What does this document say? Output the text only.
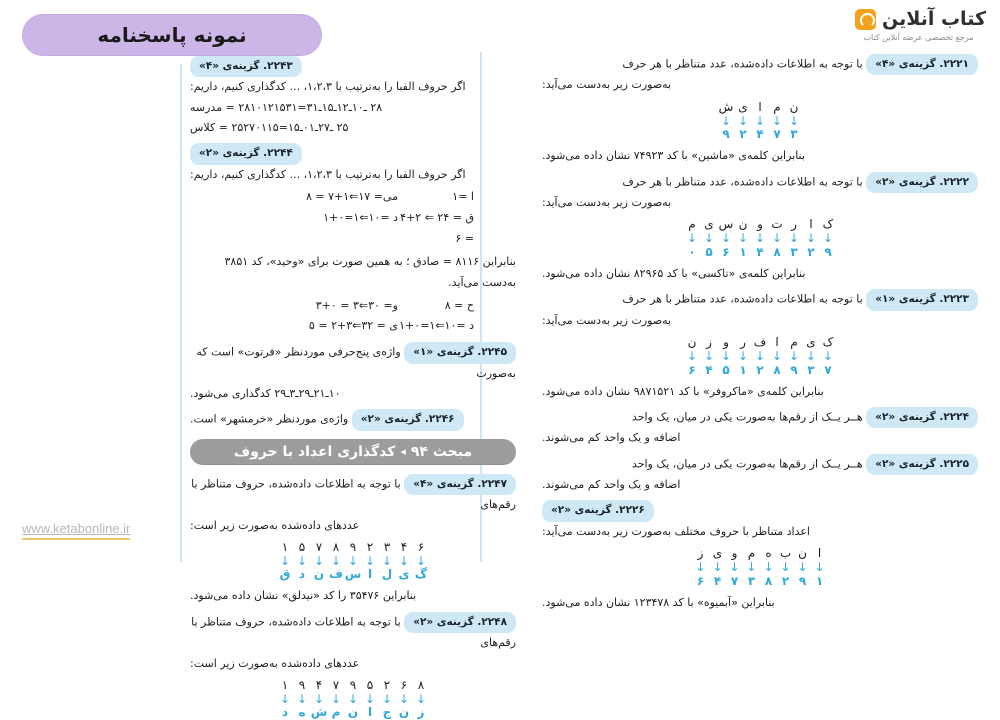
کتاب آنلاین
مرجع تخصصی عرضه آنلاین کتاب
نمونه پاسخنامه
۲۲۲۱. گزینه‌ی «۴» با توجه به اطلاعات داده‌شده، عدد متناظر با هر حرف
به‌صورت زیر به‌دست می‌آید:
ن
م
ا
ی
ش
↓
↓
↓
↓
↓
۳
۷
۴
۲
۹
بنابراین کلمه‌ی «ماشین» با کد ۷۴۹۲۳ نشان داده می‌شود.
۲۲۲۲. گزینه‌ی «۲» با توجه به اطلاعات داده‌شده، عدد متناظر با هر حرف
به‌صورت زیر به‌دست می‌آید:
ک
ا
ر
ت
و
ن
س
ی
م
↓
↓
↓
↓
↓
↓
↓
↓
↓
۹
۲
۳
۸
۴
۱
۶
۵
۰
بنابراین کلمه‌ی «تاکسی» با کد ۸۲۹۶۵ نشان داده می‌شود.
۲۲۲۳. گزینه‌ی «۱» با توجه به اطلاعات داده‌شده، عدد متناظر با هر حرف
به‌صورت زیر به‌دست می‌آید:
ک
ی
م
ا
ف
ر
و
ز
ن
↓
↓
↓
↓
↓
↓
↓
↓
↓
۷
۳
۹
۸
۲
۱
۵
۴
۶
بنابراین کلمه‌ی «ماکروفر» با کد ۹۸۷۱۵۲۱ نشان داده می‌شود.
۲۲۲۴. گزینه‌ی «۲» هــر یــک از رقم‌ها به‌صورت یکی در میان، یک واحد
اضافه و یک واحد کم می‌شوند.
۲۲۲۵. گزینه‌ی «۲» هــر یــک از رقم‌ها به‌صورت یکی در میان، یک واحد
اضافه و یک واحد کم می‌شوند.
۲۲۲۶. گزینه‌ی «۲»
اعداد متناظر با حروف مختلف به‌صورت زیر به‌دست می‌آید:
ا
ن
ب
ه
م
و
ی
ز
↓
↓
↓
↓
↓
↓
↓
↓
۱
۹
۲
۸
۳
۷
۴
۶
بنابراین «آبمیوه» با کد ۱۲۳۴۷۸ نشان داده می‌شود.
۲۲۴۳. گزینه‌ی «۴»
اگر حروف الفبا را به‌ترتیب با ۱،۲،۳، ... کدگذاری کنیم، داریم:
۲۸ ـ۱۰ـ۱۲ـ۱۵ـ۳۱=۲۸۱۰۱۲۱۵۳۱ = مدرسه
۲۵ ـ۲۷ـ۰۱ـ۱۵=۲۵۲۷۰۱۱۵ = کلاس
۲۲۴۴. گزینه‌ی «۲»
اگر حروف الفبا را به‌ترتیب با ۱،۲،۳، ... کدگذاری کنیم، داریم:
ا =۱
می= ۱۷⇐۱+۷ = ۸
ق = ۲۴ ⇐ ۲+۴ = ۶
د =۱۰⇐۱=۰+۱
بنابراین ۸۱۱۶ = صادق ؛ به همین صورت برای «وحید»، کد ۳۸۵۱ به‌دست می‌آید.
ح = ۸
و= ۳۰⇐۳ = ۰+۳
د =۱۰⇐۱=۰+۱
ی = ۳۲⇐۳+۲ = ۵
۲۲۴۵. گزینه‌ی «۱» واژه‌ی پنج‌حرفی موردنظر «فرتوت» است که به‌صورت
۱۰ـ۲۱ـ۲۹ـ۳ـ۲۹ کدگذاری می‌شود.
۲۲۴۶. گزینه‌ی «۲» واژه‌ی موردنظر «خرمشهر» است.
مبحث ۹۴
◂
کدگذاری اعداد با حروف
۲۲۴۷. گزینه‌ی «۴» با توجه به اطلاعات داده‌شده، حروف متناظر با رقم‌های
عددهای داده‌شده به‌صورت زیر است:
۶
۴
۳
۲
۹
۸
۷
۵
۱
↓
↓
↓
↓
↓
↓
↓
↓
↓
گ
ی
ل
ا
س
ف
ن
د
ق
بنابراین ۳۵۴۷۶ را کد «نیدلق» نشان داده می‌شود.
۲۲۴۸. گزینه‌ی «۲» با توجه به اطلاعات داده‌شده، حروف متناظر با رقم‌های
عددهای داده‌شده به‌صورت زیر است:
۸
۶
۲
۵
۹
۷
۴
۹
۱
↓
↓
↓
↓
↓
↓
↓
↓
↓
ز
ن
ج
ا
ن
م
ش
ه
د
www.ketabonline.ir
